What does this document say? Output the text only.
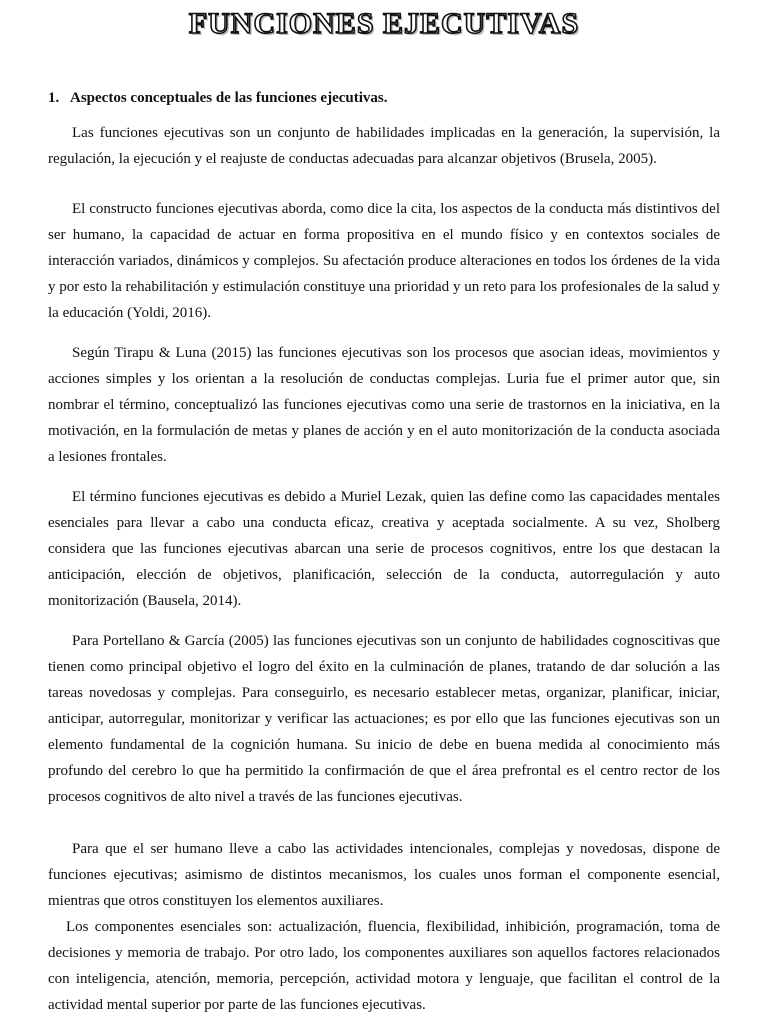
FUNCIONES EJECUTIVAS
1. Aspectos conceptuales de las funciones ejecutivas.

Las funciones ejecutivas son un conjunto de habilidades implicadas en la generación, la supervisión, la regulación, la ejecución y el reajuste de conductas adecuadas para alcanzar objetivos (Brusela, 2005).

El constructo funciones ejecutivas aborda, como dice la cita, los aspectos de la conducta más distintivos del ser humano, la capacidad de actuar en forma propositiva en el mundo físico y en contextos sociales de interacción variados, dinámicos y complejos. Su afectación produce alteraciones en todos los órdenes de la vida y por esto la rehabilitación y estimulación constituye una prioridad y un reto para los profesionales de la salud y la educación (Yoldi, 2016).

Según Tirapu & Luna (2015) las funciones ejecutivas son los procesos que asocian ideas, movimientos y acciones simples y los orientan a la resolución de conductas complejas. Luria fue el primer autor que, sin nombrar el término, conceptualizó las funciones ejecutivas como una serie de trastornos en la iniciativa, en la motivación, en la formulación de metas y planes de acción y en el auto monitorización de la conducta asociada a lesiones frontales.

El término funciones ejecutivas es debido a Muriel Lezak, quien las define como las capacidades mentales esenciales para llevar a cabo una conducta eficaz, creativa y aceptada socialmente. A su vez, Sholberg considera que las funciones ejecutivas abarcan una serie de procesos cognitivos, entre los que destacan la anticipación, elección de objetivos, planificación, selección de la conducta, autorregulación y auto monitorización (Bausela, 2014).

Para Portellano & García (2005) las funciones ejecutivas son un conjunto de habilidades cognoscitivas que tienen como principal objetivo el logro del éxito en la culminación de planes, tratando de dar solución a las tareas novedosas y complejas. Para conseguirlo, es necesario establecer metas, organizar, planificar, iniciar, anticipar, autorregular, monitorizar y verificar las actuaciones; es por ello que las funciones ejecutivas son un elemento fundamental de la cognición humana. Su inicio de debe en buena medida al conocimiento más profundo del cerebro lo que ha permitido la confirmación de que el área prefrontal es el centro rector de los procesos cognitivos de alto nivel a través de las funciones ejecutivas.

Para que el ser humano lleve a cabo las actividades intencionales, complejas y novedosas, dispone de funciones ejecutivas; asimismo de distintos mecanismos, los cuales unos forman el componente esencial, mientras que otros constituyen los elementos auxiliares.

Los componentes esenciales son: actualización, fluencia, flexibilidad, inhibición, programación, toma de decisiones y memoria de trabajo. Por otro lado, los componentes auxiliares son aquellos factores relacionados con inteligencia, atención, memoria, percepción, actividad motora y lenguaje, que facilitan el control de la actividad mental superior por parte de las funciones ejecutivas.
